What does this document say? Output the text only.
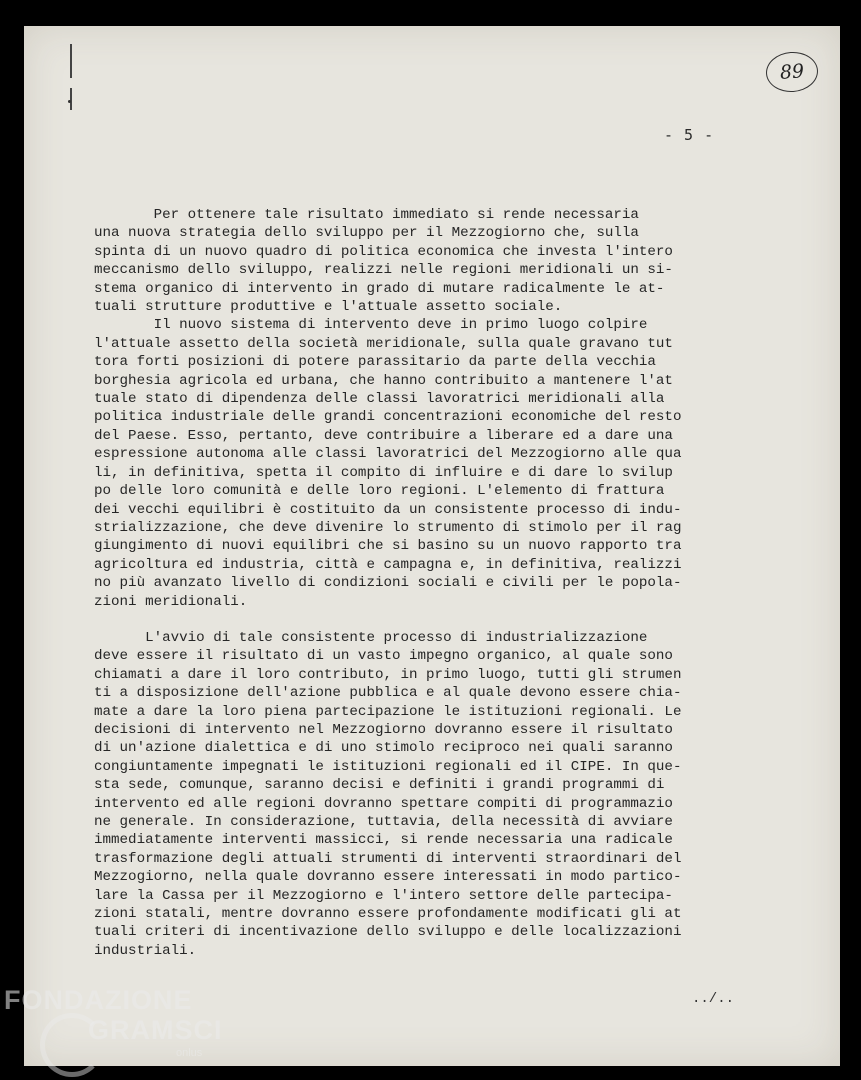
89
- 5 -
Per ottenere tale risultato immediato si rende necessaria
una nuova strategia dello sviluppo per il Mezzogiorno che, sulla
spinta di un nuovo quadro di politica economica che investa l'intero
meccanismo dello sviluppo, realizzi nelle regioni meridionali un si-
stema organico di intervento in grado di mutare radicalmente le at-
tuali strutture produttive e l'attuale assetto sociale.
Il nuovo sistema di intervento deve in primo luogo colpire
l'attuale assetto della società meridionale, sulla quale gravano tut
tora forti posizioni di potere parassitario da parte della vecchia
borghesia agricola ed urbana, che hanno contribuito a mantenere l'at
tuale stato di dipendenza delle classi lavoratrici meridionali alla
politica industriale delle grandi concentrazioni economiche del resto
del Paese. Esso, pertanto, deve contribuire a liberare ed a dare una
espressione autonoma alle classi lavoratrici del Mezzogiorno alle qua
li, in definitiva, spetta il compito di influire e di dare lo svilup
po delle loro comunità e delle loro regioni. L'elemento di frattura
dei vecchi equilibri è costituito da un consistente processo di indu-
strializzazione, che deve divenire lo strumento di stimolo per il rag
giungimento di nuovi equilibri che si basino su un nuovo rapporto tra
agricoltura ed industria, città e campagna e, in definitiva, realizzi
no più avanzato livello di condizioni sociali e civili per le popola-
zioni meridionali.
L'avvio di tale consistente processo di industrializzazione
deve essere il risultato di un vasto impegno organico, al quale sono
chiamati a dare il loro contributo, in primo luogo, tutti gli strumen
ti a disposizione dell'azione pubblica e al quale devono essere chia-
mate a dare la loro piena partecipazione le istituzioni regionali. Le
decisioni di intervento nel Mezzogiorno dovranno essere il risultato
di un'azione dialettica e di uno stimolo reciproco nei quali saranno
congiuntamente impegnati le istituzioni regionali ed il CIPE. In que-
sta sede, comunque, saranno decisi e definiti i grandi programmi di
intervento ed alle regioni dovranno spettare compiti di programmazio
ne generale. In considerazione, tuttavia, della necessità di avviare
immediatamente interventi massicci, si rende necessaria una radicale
trasformazione degli attuali strumenti di interventi straordinari del
Mezzogiorno, nella quale dovranno essere interessati in modo partico-
lare la Cassa per il Mezzogiorno e l'intero settore delle partecipa-
zioni statali, mentre dovranno essere profondamente modificati gli at
tuali criteri di incentivazione dello sviluppo e delle localizzazioni
industriali.
../..
FONDAZIONE
GRAMSCI
onlus
